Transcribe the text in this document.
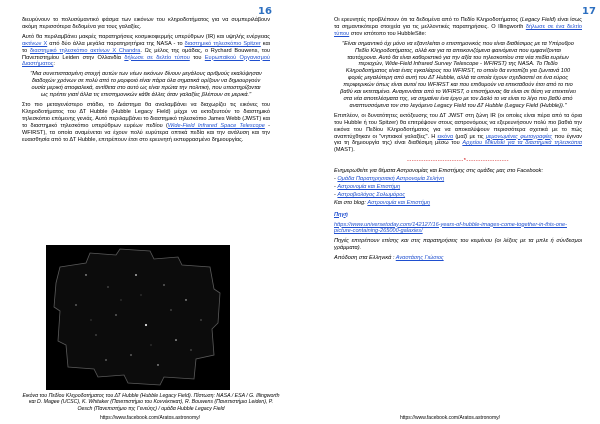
16

διευρύνουν το πολυσύμαντικό φάσμα των εικόνων του κληροδοτήματος για να συμπεριλάβουν ακόμη περισσότερα δεδομένα για τους γαλαξίες.

Αυτό θα περιλαμβάνει μακρές παρατηρήσεις κοσμικοφερμής υπερύθρων (IR) και υψηλής ενέργειας ακτίνων X από δύο άλλα μεγάλα παρατηρητήρια της NASA - το διαστημικό τηλεσκόπιο Spitzer και το διαστημικό τηλεσκόπιο ακτίνων X Chandra. Ως μέλος της ομάδας, ο Rychard Bouwens, του Πανεπιστημίου Leiden στην Ολλανδία δήλωσε σε δελτίο τύπου του Ευρωπαϊκού Οργανισμού Διαστήματος:

"Μια συνεπιστασμένη στοιχή αυτών των νέων εικόνων δίνουν μεγάλους αριθμούς εκαλύψησαν διαδοχών χρόνων σε πολύ από το μορφοιό είναι πάρα όλα σηματικά ορίζουν να δημιουργούν ουσία μερική αποφαλεκά, αντίθετα στο αυτό ως είναι πρώτα την πολιτική, που υποστηρίζονται ως πρέπει γιατί άλλα τις επιστημονικών κάθε άλλες όταν γαλαξίες βλέπουν σε μερικά."

Στο πιο μεταγενέστερο στάδιο, το Διάστημα θα αναλαμβάνει να διαχωρίζει τις εικόνες του Κληροδοτήματος του ΔΤ Hubble (Hubble Legacy Field) μέχρι να εκτοξευτούν το διαστημικό τηλεσκόπιο επόμενης γενιάς. Αυτό περιλαμβάνει το διαστημικό τηλεσκόπιο James Webb (JWST) και το διαστημικό τηλεσκόπιο υπερύθρων ευρέων πεδίου (Wide-Field Infrared Space Telescope - WFIRST), τα οποία αναμένεται να έχουν πολύ ευρύτερα οπτικά πεδία και την ανάλυση και την ευαισθησία από το ΔΤ Hubble, επιτρέπουν έτσι στο ερευνητή εκπεφρασμένο δημιουργίας.

Εικόνα του Πεδίου Κληροδοτήματος του ΔΤ Hubble (Hubble Legacy Field). Πίστωση: NASA / ESA / G. Illingworth και D. Magee (UCSC), K. Whitaker (Πανεπιστήμιο του Κοννέκτικατ), R. Bouwens (Πανεπιστήμιο Leiden), P. Oesch (Πανεπιστήμιο της Γενεύης) / ομάδα Hubble Legacy Field
https://www.facebook.com/Aratos.astronomy/
17

Οι ερευνητές προβλέπουν ότι τα δεδομένα από το Πεδίο Κληροδοτήματος (Legacy Field) είναι ίσως τα σημαντικότερα στοιχεία για τις μελλοντικές παρατηρήσεις. Ο Illingworth δήλωσε σε ένα δελτίο τύπου στον ιστότοπο του HubbleSite:

"Είναι σημαντικό όχι μόνο να εξαντλείται ο επιστημονικός που είναι διαθέσιμος με τα Υπέρυθρο Πεδίο Κληροδοτήματος, αλλά και για τα απεικονιζόμενα φαινόμενα που εμφανίζονται ταυτόχρονα. Αυτό θα είναι καθοριστικό για την αξία του τηλεσκοπίου στα νέα πεδία ευρέων περιοχών, Wide-Field Infrared Survey Telescope - WFIRST) της NASA. Το Πεδίο Κληροδοτήματος είναι ένας εγκαλίαρος του WFIRST, το οποίο θα εντοπίζει για ζωντανά 100 φορές μεγαλύτερη από αυτή του ΔΤ Hubble, αλλά τα οποία έχουν σχεδιαστεί σε ένα εύρος περιφερικών όπως είναι αυτοί του WFIRST και που επιθυμούν να επεκταθούν έτσι από το πιο βαθύ και εκτεταμένο. Αναγεννάται από το WFIRST, ο επιστήμονας θα είναι σε θέση να επεκτείνει στα νέα αποτελέσματα της, να σημαίνει ένα έργο με τον Δαλό το να είναι το λίγο πιο βαθύ από αναπτυσσόμενα τον στο λεγόμενο Legacy Field του ΔΤ Hubble (Legacy Field (Hubble))."

Επιπλέον, οι δυνατότητες εκτόξευσης του ΔΤ JWST στη ζώνη IR (οι οποίες είναι πέρα από τα όρια του Hubble ή του Spitzer) θα επιτρέψουν στους αστρονόμους να εξερευνήσουν πολύ πιο βαθιά την εικόνα του Πεδίου Κληροδοτήματος για να αποκαλύψουν περισσότερα σχετικά με το πώς αναπτύχθηκαν οι "νηπιακοί γαλαξίες". Η εικόνα (μαζί με τις μεμονωμένες φωτογραφίες που έγιναν για τη δημιουργία της) είναι διαθέσιμη μέσω του Αρχείου Mikulski για τα διαστημικά τηλεσκόπια (MAST).

------------------------*------------------

Ενημερωθείτε για θέματα Αστρονομίας και Επιστήμης στις ομάδες μας στο Facebook:

- Ομάδα Παρατηρησιακή Αστρονομία Σελήνη

- Αστρονομία και Επιστήμη

- Αστροβιολόγος Σολωμόρος

Και στο blog: Αστρονομία και Επιστήμη

Πηγή

https://www.universetoday.com/142127/16-years-of-hubble-images-come-together-in-this-one-picture-containing-265000-galaxies/

Πηγές επιτρέπουν επίσης και στις παρατηρήσεις του κειμένου (οι λέξεις με τα μπλε ή σύνδεσμοι γράμματα).

Απόδοση στα Ελληνικά : Αναστάσης Γιώσιος

https://www.facebook.com/Aratos.astronomy/
